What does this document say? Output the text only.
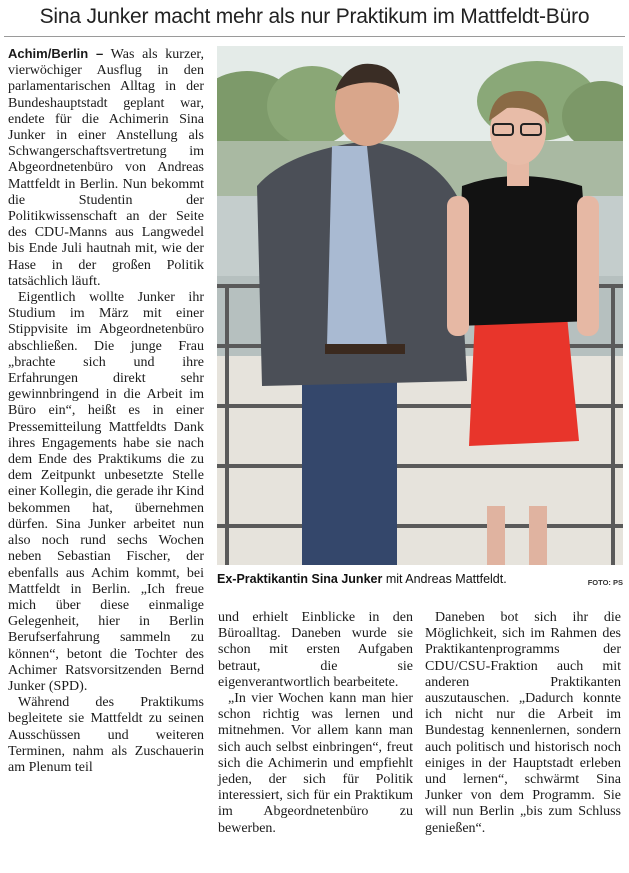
Sina Junker macht mehr als nur Praktikum im Mattfeldt-Büro

Achim/Berlin – Was als kurzer, vierwöchiger Ausflug in den parlamentarischen Alltag in der Bundeshauptstadt geplant war, endete für die Achimerin Sina Junker in einer Anstellung als Schwangerschaftsvertretung im Abgeordnetenbüro von Andreas Mattfeldt in Berlin. Nun bekommt die Studentin der Politikwissenschaft an der Seite des CDU-Manns aus Langwedel bis Ende Juli hautnah mit, wie der Hase in der großen Politik tatsächlich läuft.

Eigentlich wollte Junker ihr Studium im März mit einer Stippvisite im Abgeordnetenbüro abschließen. Die junge Frau „brachte sich und ihre Erfahrungen direkt sehr gewinnbringend in die Arbeit im Büro ein“, heißt es in einer Pressemitteilung Mattfeldts Dank ihres Engagements habe sie nach dem Ende des Praktikums die zu dem Zeitpunkt unbesetzte Stelle einer Kollegin, die gerade ihr Kind bekommen hat, übernehmen dürfen. Sina Junker arbeitet nun also noch rund sechs Wochen neben Sebastian Fischer, der ebenfalls aus Achim kommt, bei Mattfeldt in Berlin. „Ich freue mich über diese einmalige Gelegenheit, hier in Berlin Berufserfahrung sammeln zu können“, betont die Tochter des Achimer Ratsvorsitzenden Bernd Junker (SPD).

Während des Praktikums begleitete sie Mattfeldt zu seinen Ausschüssen und weiteren Terminen, nahm als Zuschauerin am Plenum teil

Ex-Praktikantin Sina Junker mit Andreas Mattfeldt.	FOTO: PS

und erhielt Einblicke in den Büroalltag. Daneben wurde sie schon mit ersten Aufgaben betraut, die sie eigenverantwortlich bearbeitete.

„In vier Wochen kann man hier schon richtig was lernen und mitnehmen. Vor allem kann man sich auch selbst einbringen“, freut sich die Achimerin und empfiehlt jeden, der sich für Politik interessiert, sich für ein Praktikum im Abgeordnetenbüro zu bewerben.

Daneben bot sich ihr die Möglichkeit, sich im Rahmen des Praktikantenprogramms der CDU/CSU-Fraktion auch mit anderen Praktikanten auszutauschen. „Dadurch konnte ich nicht nur die Arbeit im Bundestag kennenlernen, sondern auch politisch und historisch noch einiges in der Hauptstadt erleben und lernen“, schwärmt Sina Junker von dem Programm. Sie will nun Berlin „bis zum Schluss genießen“.
